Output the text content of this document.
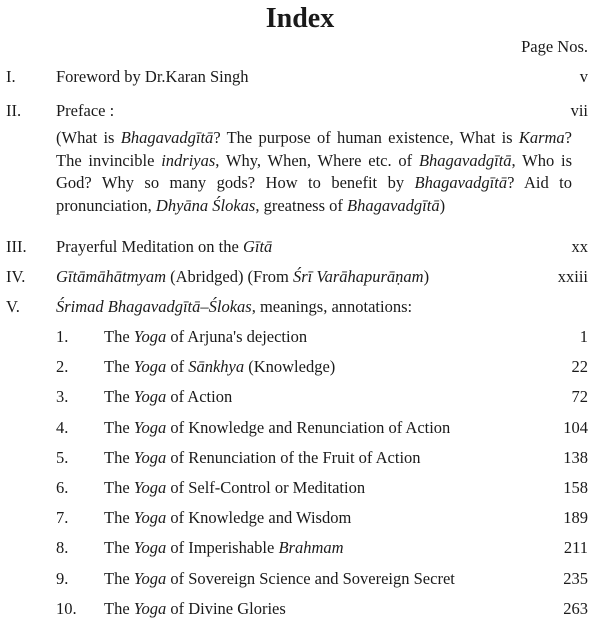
Index
Page Nos.
I. Foreword by Dr.Karan Singh	v
II. Preface :	vii
(What is Bhagavadgītā? The purpose of human existence, What is Karma? The invincible indriyas, Why, When, Where etc. of Bhagavadgītā, Who is God? Why so many gods? How to benefit by Bhagavadgītā? Aid to pronunciation, Dhyāna Ślokas, greatness of Bhagavadgītā)
III. Prayerful Meditation on the Gītā	xx
IV. Gītāmāhātmyam (Abridged) (From Śrī Varāhapurāṇam)	xxiii
V. Śrimad Bhagavadgītā–Ślokas, meanings, annotations:
1. The Yoga of Arjuna's dejection	1
2. The Yoga of Sānkhya (Knowledge)	22
3. The Yoga of Action	72
4. The Yoga of Knowledge and Renunciation of Action	104
5. The Yoga of Renunciation of the Fruit of Action	138
6. The Yoga of Self-Control or Meditation	158
7. The Yoga of Knowledge and Wisdom	189
8. The Yoga of Imperishable Brahmam	211
9. The Yoga of Sovereign Science and Sovereign Secret	235
10. The Yoga of Divine Glories	263
